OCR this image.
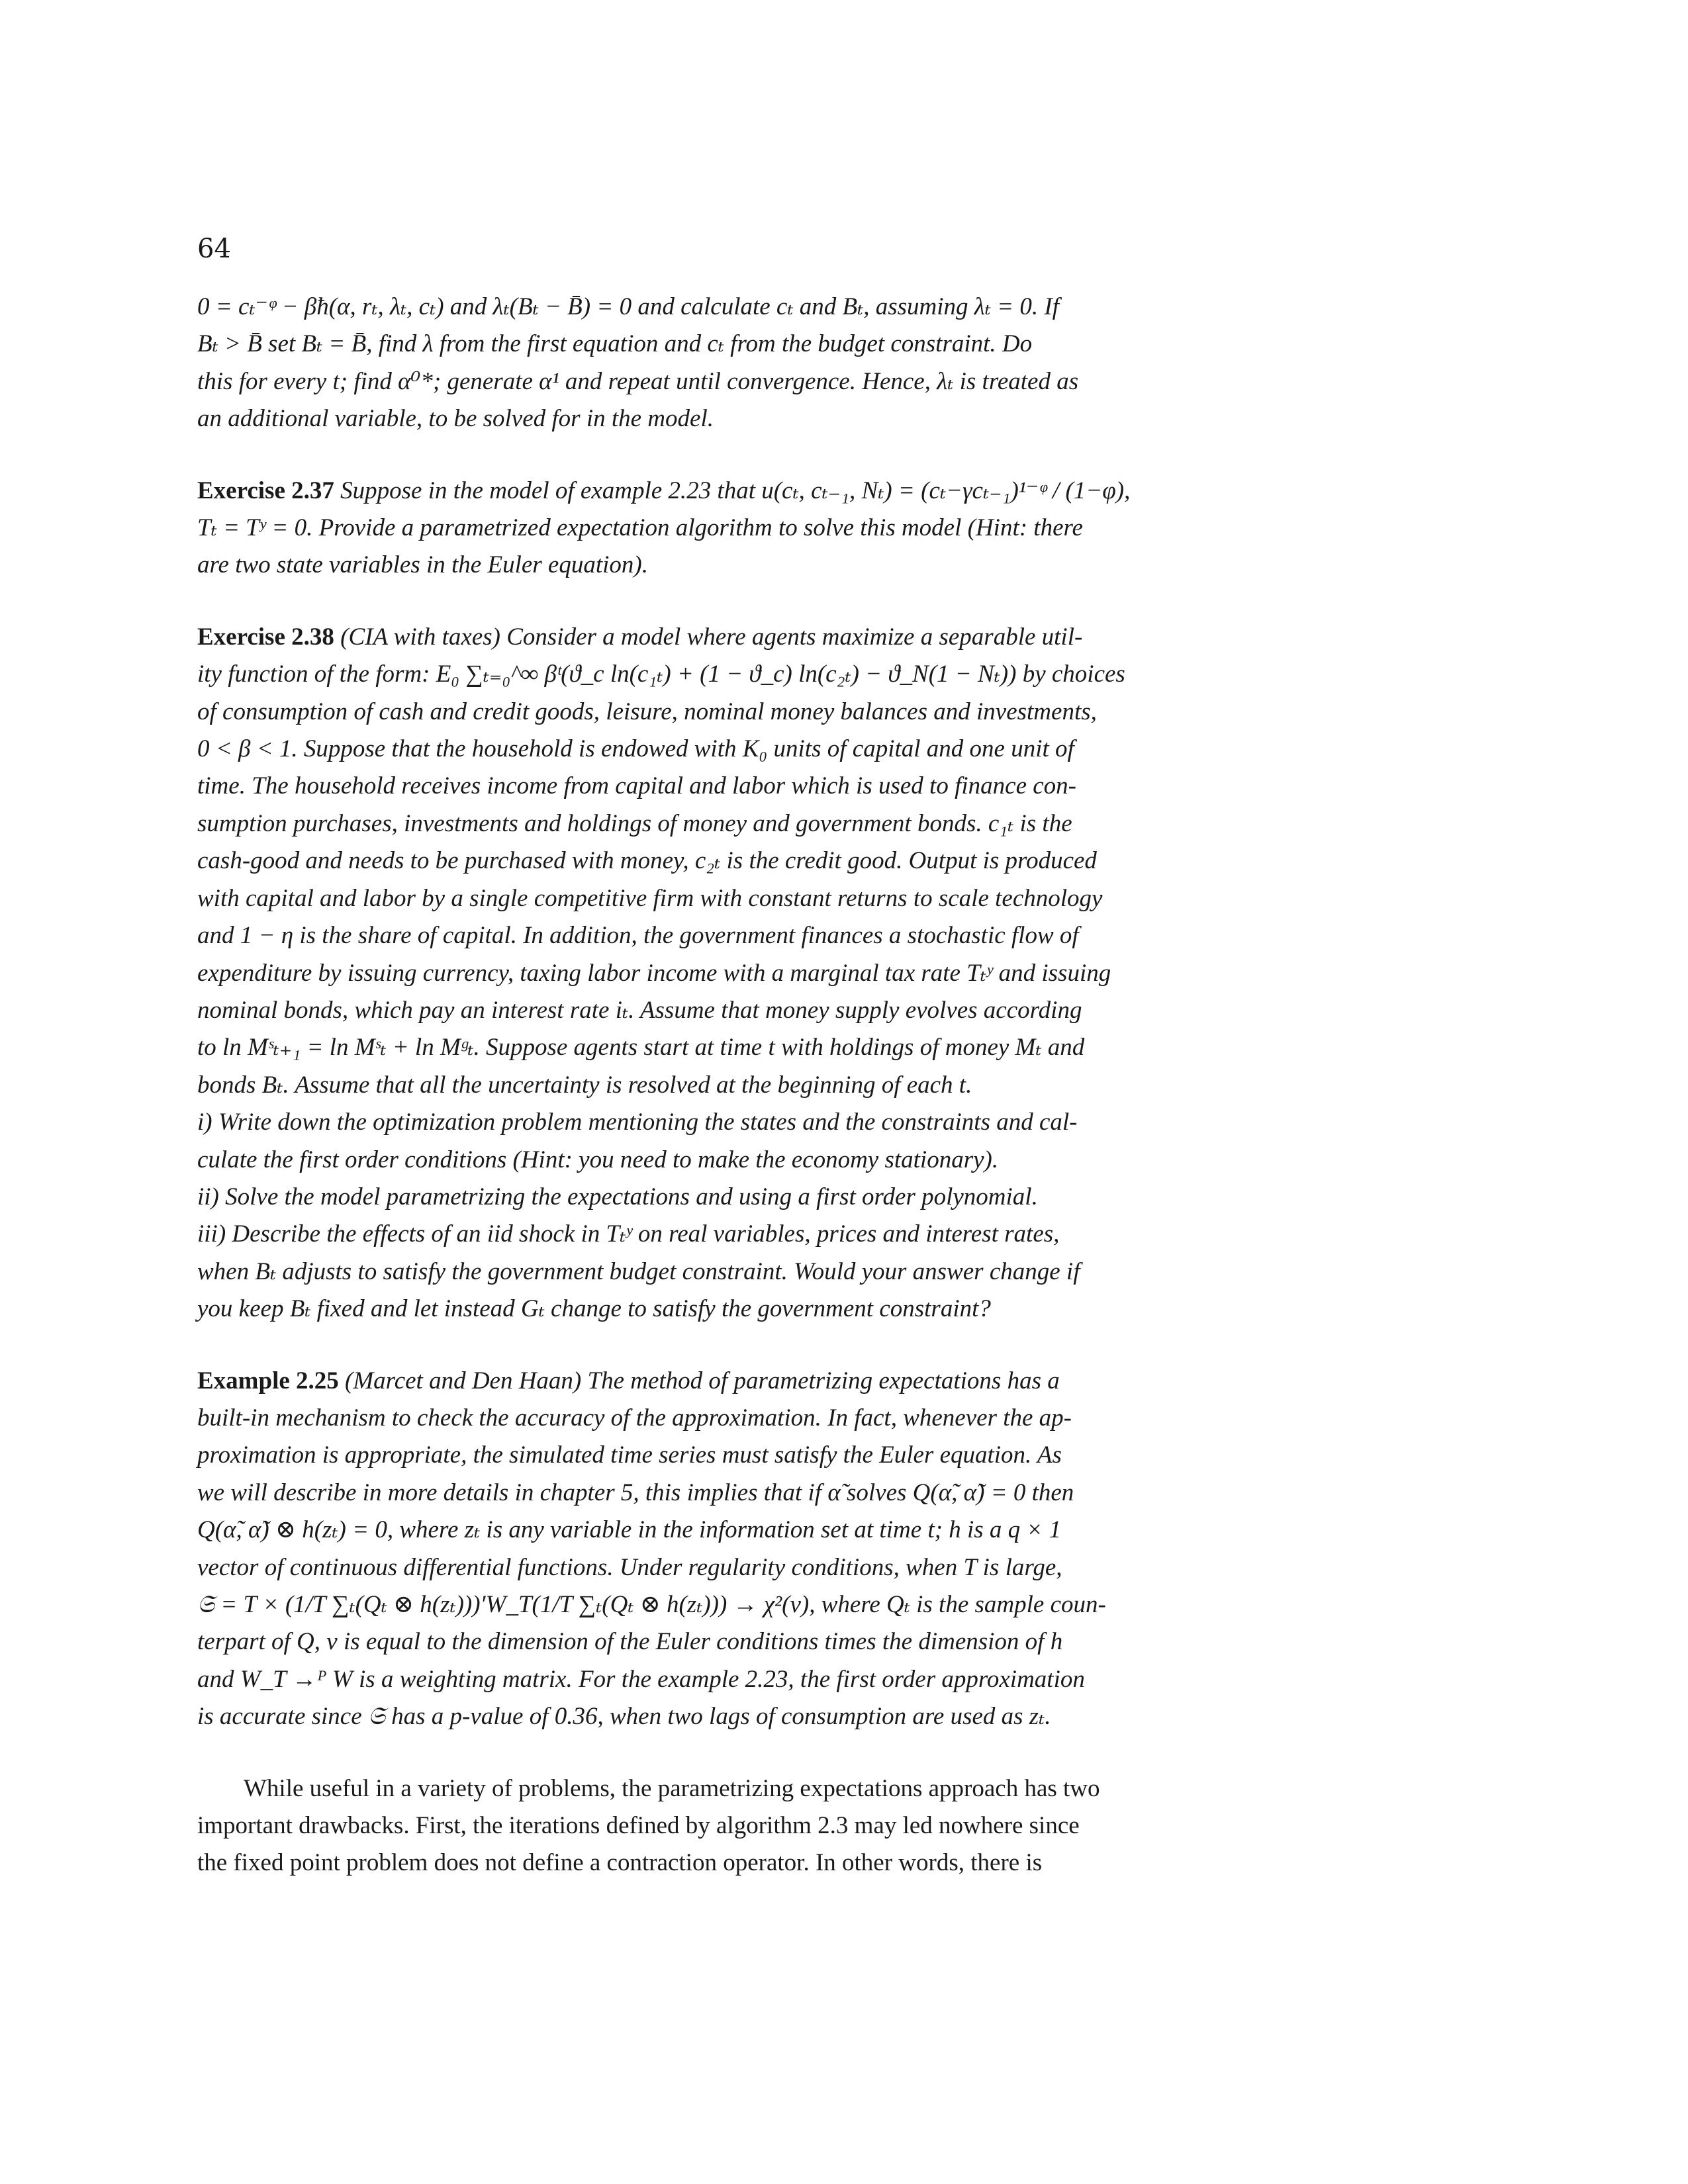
64
0 = cₜ⁻ᵠ − βħ(α, rₜ, λₜ, cₜ) and λₜ(Bₜ − B̄) = 0 and calculate cₜ and Bₜ, assuming λₜ = 0. If
Bₜ > B̄ set Bₜ = B̄, find λ from the first equation and cₜ from the budget constraint. Do
this for every t; find α⁰*; generate α¹ and repeat until convergence. Hence, λₜ is treated as
an additional variable, to be solved for in the model.
Exercise 2.37 Suppose in the model of example 2.23 that u(cₜ, cₜ₋₁, Nₜ) = (cₜ−γcₜ₋₁)¹⁻ᵠ / (1−φ),
Tₜ = Tʸ = 0. Provide a parametrized expectation algorithm to solve this model (Hint: there
are two state variables in the Euler equation).
Exercise 2.38 (CIA with taxes) Consider a model where agents maximize a separable util-
ity function of the form: E₀ ∑ₜ₌₀^∞ βᵗ(ϑ_c ln(c₁ₜ) + (1 − ϑ_c) ln(c₂ₜ) − ϑ_N(1 − Nₜ)) by choices
of consumption of cash and credit goods, leisure, nominal money balances and investments,
0 < β < 1. Suppose that the household is endowed with K₀ units of capital and one unit of
time. The household receives income from capital and labor which is used to finance con-
sumption purchases, investments and holdings of money and government bonds. c₁ₜ is the
cash-good and needs to be purchased with money, c₂ₜ is the credit good. Output is produced
with capital and labor by a single competitive firm with constant returns to scale technology
and 1 − η is the share of capital. In addition, the government finances a stochastic flow of
expenditure by issuing currency, taxing labor income with a marginal tax rate Tₜʸ and issuing
nominal bonds, which pay an interest rate iₜ. Assume that money supply evolves according
to ln Mˢₜ₊₁ = ln Mˢₜ + ln Mᵍₜ. Suppose agents start at time t with holdings of money Mₜ and
bonds Bₜ. Assume that all the uncertainty is resolved at the beginning of each t.
i) Write down the optimization problem mentioning the states and the constraints and cal-
culate the first order conditions (Hint: you need to make the economy stationary).
ii) Solve the model parametrizing the expectations and using a first order polynomial.
iii) Describe the effects of an iid shock in Tₜʸ on real variables, prices and interest rates,
when Bₜ adjusts to satisfy the government budget constraint. Would your answer change if
you keep Bₜ fixed and let instead Gₜ change to satisfy the government constraint?
Example 2.25 (Marcet and Den Haan) The method of parametrizing expectations has a
built-in mechanism to check the accuracy of the approximation. In fact, whenever the ap-
proximation is appropriate, the simulated time series must satisfy the Euler equation. As
we will describe in more details in chapter 5, this implies that if α̃ solves Q(α̃, α̃) = 0 then
Q(α̃, α̃) ⊗ h(zₜ) = 0, where zₜ is any variable in the information set at time t; h is a q × 1
vector of continuous differential functions. Under regularity conditions, when T is large,
𝔖 = T × (1/T ∑ₜ(Qₜ ⊗ h(zₜ)))′W_T(1/T ∑ₜ(Qₜ ⊗ h(zₜ))) → χ²(ν), where Qₜ is the sample coun-
terpart of Q, ν is equal to the dimension of the Euler conditions times the dimension of h
and W_T →ᴾ W is a weighting matrix. For the example 2.23, the first order approximation
is accurate since 𝔖 has a p-value of 0.36, when two lags of consumption are used as zₜ.
While useful in a variety of problems, the parametrizing expectations approach has two
important drawbacks. First, the iterations defined by algorithm 2.3 may led nowhere since
the fixed point problem does not define a contraction operator. In other words, there is
